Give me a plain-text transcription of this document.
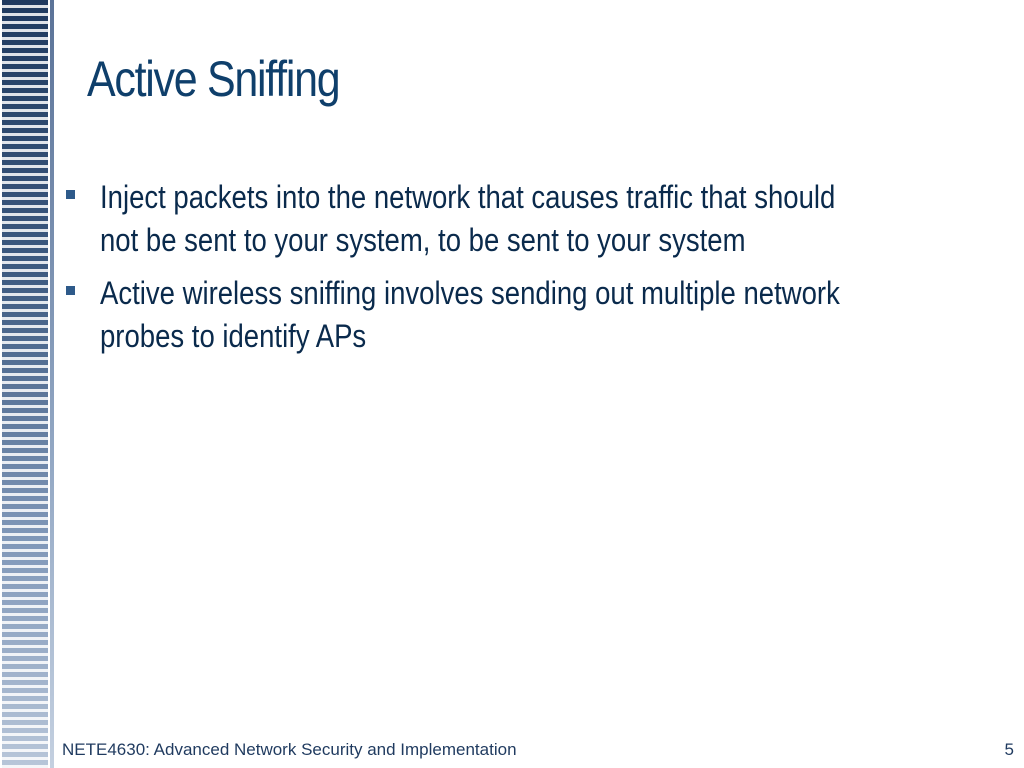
Active Sniffing
Inject packets into the network that causes traffic that should not be sent to your system, to be sent to your system
Active wireless sniffing involves sending out multiple network probes to identify APs
NETE4630: Advanced Network Security and Implementation	5
